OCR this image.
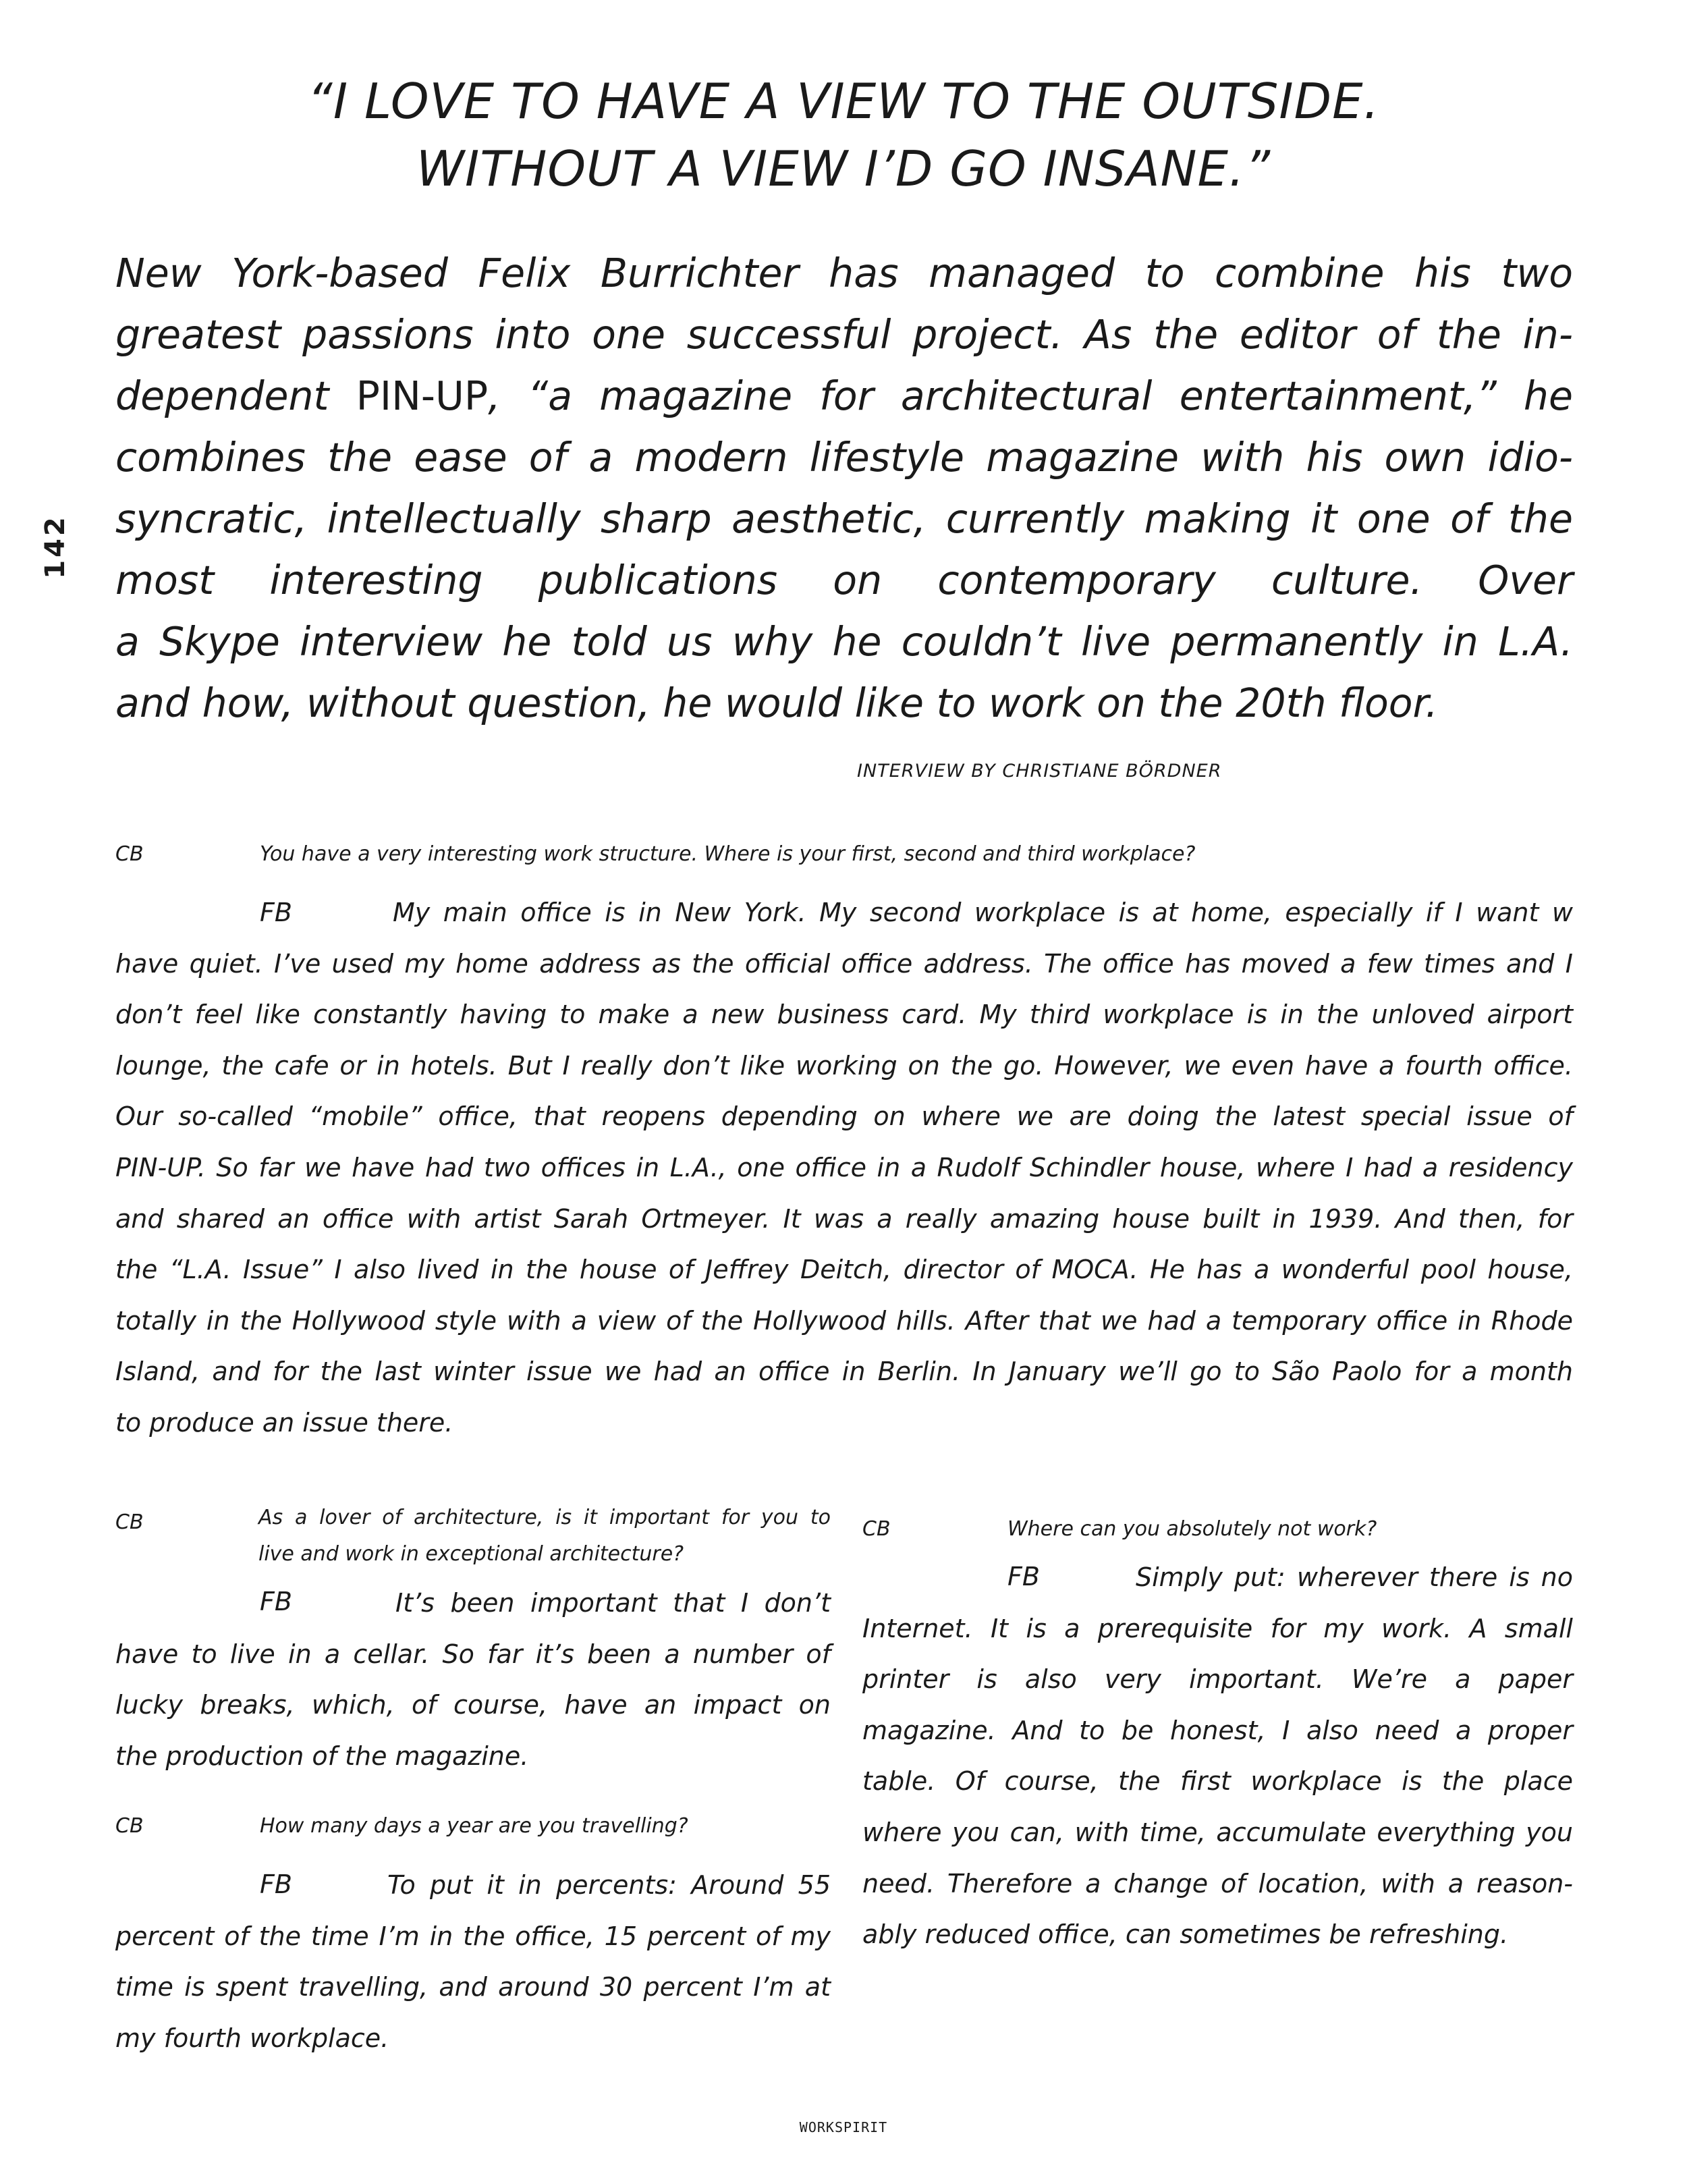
“I LOVE TO HAVE A VIEW TO THE OUTSIDE.
WITHOUT A VIEW I’D GO INSANE.”
142
New York-based Felix Burrichter has managed to combine his two
greatest passions into one successful project. As the editor of the in-
dependent PIN-UP, “a magazine for architectural entertainment,” he
combines the ease of a modern lifestyle magazine with his own idio-
syncratic, intellectually sharp aesthetic, currently making it one of the
most interesting publications on contemporary culture. Over
a Skype interview he told us why he couldn’t live permanently in L.A.
and how, without question, he would like to work on the 20th floor.
INTERVIEW BY CHRISTIANE BÖRDNER
CB	You have a very interesting work structure. Where is your first, second and third workplace?
FB	My main office is in New York. My second workplace is at home, especially if I want w
have quiet. I’ve used my home address as the official office address. The office has moved a few times and I
don’t feel like constantly having to make a new business card. My third workplace is in the unloved airport
lounge, the cafe or in hotels. But I really don’t like working on the go. However, we even have a fourth office.
Our so-called “mobile” office, that reopens depending on where we are doing the latest special issue of
PIN-UP. So far we have had two offices in L.A., one office in a Rudolf Schindler house, where I had a residency
and shared an office with artist Sarah Ortmeyer. It was a really amazing house built in 1939. And then, for
the “L.A. Issue” I also lived in the house of Jeffrey Deitch, director of MOCA. He has a wonderful pool house,
totally in the Hollywood style with a view of the Hollywood hills. After that we had a temporary office in Rhode
Island, and for the last winter issue we had an office in Berlin. In January we’ll go to São Paolo for a month
to produce an issue there.
CB	As a lover of architecture, is it important for you to
live and work in exceptional architecture?
FB	It’s been important that I don’t
have to live in a cellar. So far it’s been a number of
lucky breaks, which, of course, have an impact on
the production of the magazine.
CB	How many days a year are you travelling?
FB	To put it in percents: Around 55
percent of the time I’m in the office, 15 percent of my
time is spent travelling, and around 30 percent I’m at
my fourth workplace.
CB	Where can you absolutely not work?
FB	Simply put: wherever there is no
Internet. It is a prerequisite for my work. A small
printer is also very important. We’re a paper
magazine. And to be honest, I also need a proper
table. Of course, the first workplace is the place
where you can, with time, accumulate everything you
need. Therefore a change of location, with a reason-
ably reduced office, can sometimes be refreshing.
WORKSPIRIT
